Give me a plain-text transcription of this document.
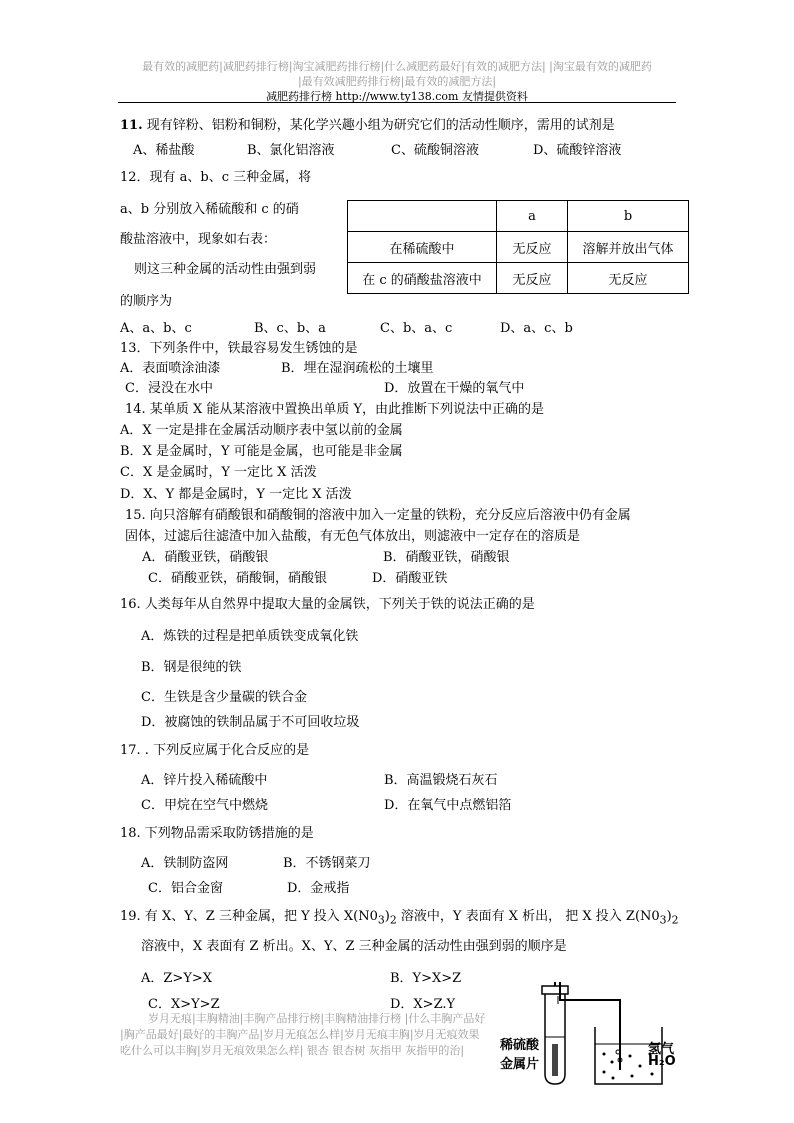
最有效的减肥药|减肥药排行榜|淘宝减肥药排行榜|什么减肥药最好|有效的减肥方法| |淘宝最有效的减肥药
|最有效减肥药排行榜|最有效的减肥方法|
减肥药排行榜 http://www.ty138.com 友情提供资料
11. 现有锌粉、铝粉和铜粉，某化学兴趣小组为研究它们的活动性顺序，需用的试剂是
A、稀盐酸	B、氯化铝溶液	C、硫酸铜溶液	D、硫酸锌溶液
12．现有 a、b、c 三种金属，将
a、b 分别放入稀硫酸和 c 的硝
酸盐溶液中，现象如右表：
则这三种金属的活动性由强到弱
的顺序为
	a	b
在稀硫酸中	无反应	溶解并放出气体
在 c 的硝酸盐溶液中	无反应	无反应
A、a、b、c	B、c、b、a	C、b、a、c	D、a、c、b
13．下列条件中，铁最容易发生锈蚀的是
A．表面喷涂油漆	B．埋在湿润疏松的土壤里
C．浸没在水中	D．放置在干燥的氧气中
14. 某单质 X 能从某溶液中置换出单质 Y，由此推断下列说法中正确的是
A．X 一定是排在金属活动顺序表中氢以前的金属
B．X 是金属时，Y 可能是金属，也可能是非金属
C．X 是金属时，Y 一定比 X 活泼
D．X、Y 都是金属时，Y 一定比 X 活泼
15. 向只溶解有硝酸银和硝酸铜的溶液中加入一定量的铁粉，充分反应后溶液中仍有金属
固体，过滤后往滤渣中加入盐酸，有无色气体放出，则滤液中一定存在的溶质是
A．硝酸亚铁，硝酸银	B．硝酸亚铁，硝酸银
C．硝酸亚铁，硝酸铜，硝酸银	D．硝酸亚铁
16. 人类每年从自然界中提取大量的金属铁，下列关于铁的说法正确的是
A．炼铁的过程是把单质铁变成氧化铁
B．钢是很纯的铁
C．生铁是含少量碳的铁合金
D．被腐蚀的铁制品属于不可回收垃圾
17. . 下列反应属于化合反应的是
A．锌片投入稀硫酸中	B．高温锻烧石灰石
C．甲烷在空气中燃烧	D．在氧气中点燃铝箔
18. 下列物品需采取防锈措施的是
A．铁制防盗网	B．不锈钢菜刀
C．铝合金窗	D．金戒指
19. 有 X、Y、Z 三种金属，把 Y 投入 $X(N0_3)_2$ 溶液中，Y 表面有 X 析出， 把 X 投入 $Z(N0_3)_2$
溶液中，X 表面有 Z 析出。X、Y、Z 三种金属的活动性由强到弱的顺序是
A．Z>Y>X	B．Y>X>Z
C．X>Y>Z	D．X>Z.Y
岁月无痕|丰胸精油|丰胸产品排行榜|丰胸精油排行榜 |什么丰胸产品好
|胸产品最好|最好的丰胸产品|岁月无痕怎么样|岁月无痕丰胸|岁月无痕效果
吃什么可以丰胸|岁月无痕效果怎么样| 银杏 银杏树 灰指甲 灰指甲的治|	稀硫酸
金属片
氢气
H₂O
